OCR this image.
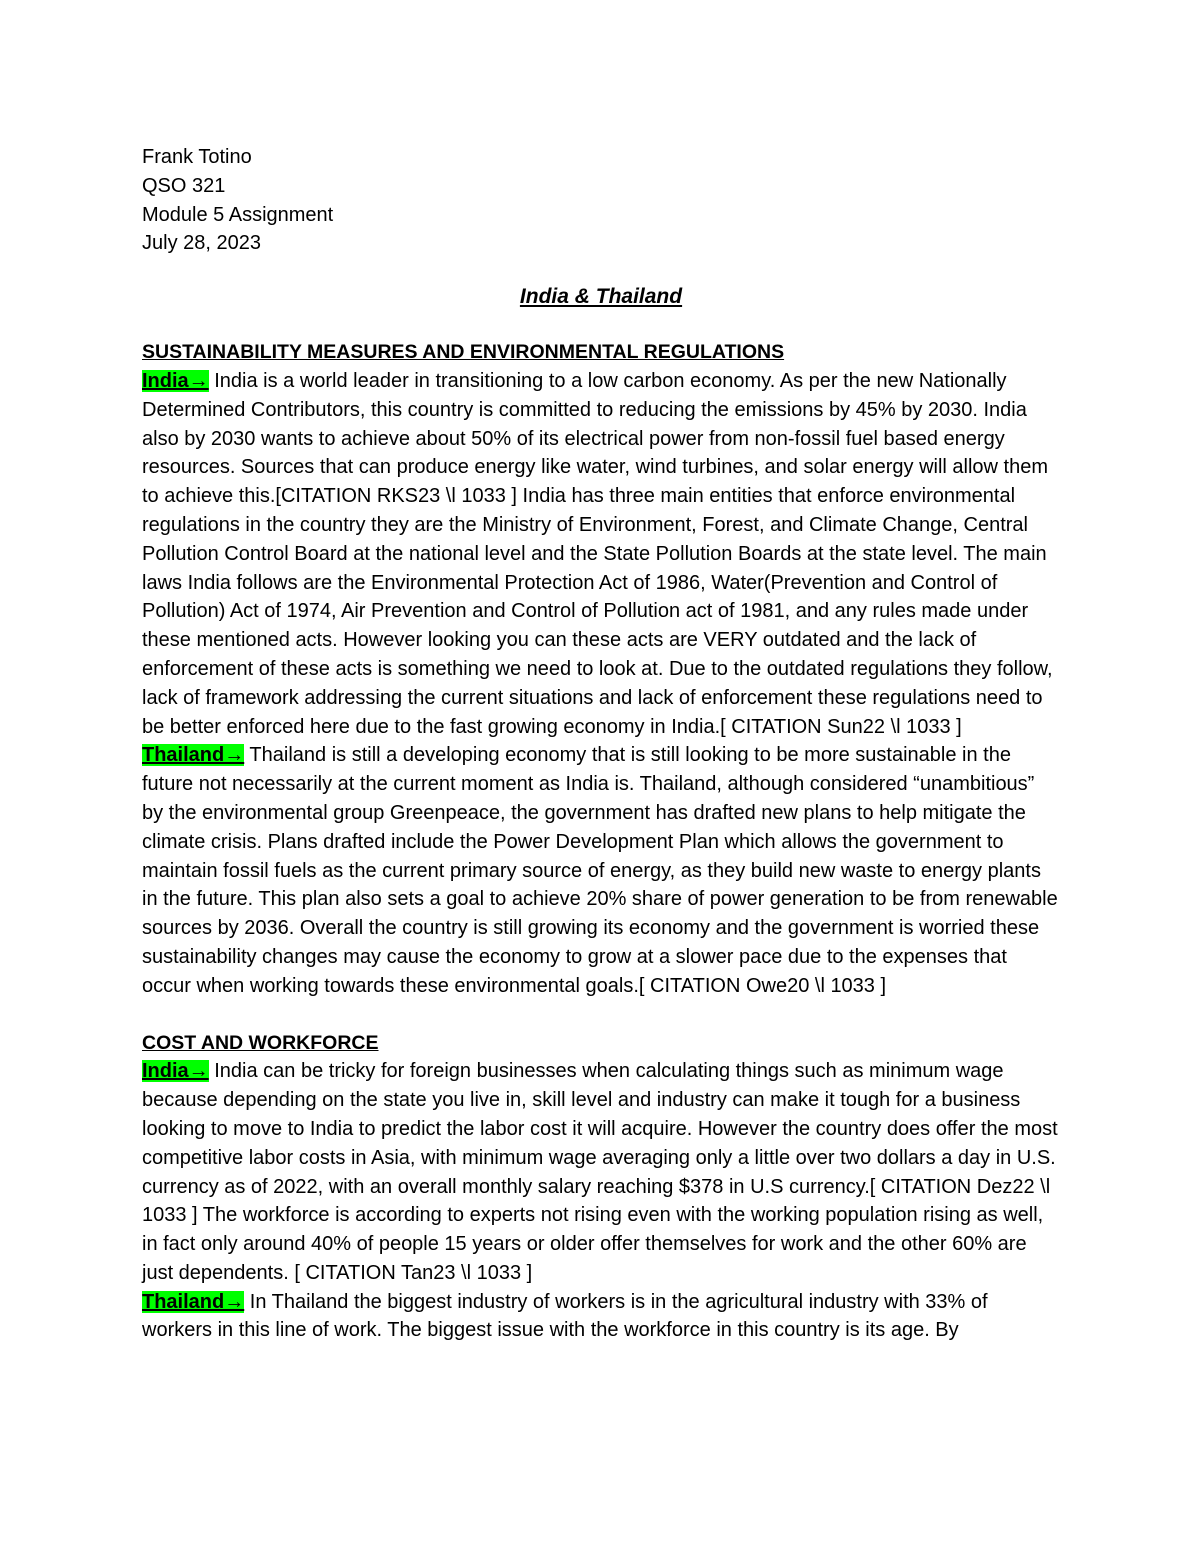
Frank Totino

QSO 321

Module 5 Assignment

July 28, 2023

India & Thailand
SUSTAINABILITY MEASURES AND ENVIRONMENTAL REGULATIONS

India→ India is a world leader in transitioning to a low carbon economy. As per the new Nationally Determined Contributors, this country is committed to reducing the emissions by 45% by 2030. India also by 2030 wants to achieve about 50% of its electrical power from non-fossil fuel based energy resources. Sources that can produce energy like water, wind turbines, and solar energy will allow them to achieve this.[CITATION RKS23 \l 1033 ] India has three main entities that enforce environmental regulations in the country they are the Ministry of Environment, Forest, and Climate Change, Central Pollution Control Board at the national level and the State Pollution Boards at the state level. The main laws India follows are the Environmental Protection Act of 1986, Water(Prevention and Control of Pollution) Act of 1974, Air Prevention and Control of Pollution act of 1981, and any rules made under these mentioned acts. However looking you can these acts are VERY outdated and the lack of enforcement of these acts is something we need to look at. Due to the outdated regulations they follow, lack of framework addressing the current situations and lack of enforcement these regulations need to be better enforced here due to the fast growing economy in India.[ CITATION Sun22 \l 1033 ]

Thailand→ Thailand is still a developing economy that is still looking to be more sustainable in the future not necessarily at the current moment as India is. Thailand, although considered “unambitious” by the environmental group Greenpeace, the government has drafted new plans to help mitigate the climate crisis. Plans drafted include the Power Development Plan which allows the government to maintain fossil fuels as the current primary source of energy, as they build new waste to energy plants in the future. This plan also sets a goal to achieve 20% share of power generation to be from renewable sources by 2036. Overall the country is still growing its economy and the government is worried these sustainability changes may cause the economy to grow at a slower pace due to the expenses that occur when working towards these environmental goals.[ CITATION Owe20 \l 1033 ]

COST AND WORKFORCE

India→ India can be tricky for foreign businesses when calculating things such as minimum wage because depending on the state you live in, skill level and industry can make it tough for a business looking to move to India to predict the labor cost it will acquire. However the country does offer the most competitive labor costs in Asia, with minimum wage averaging only a little over two dollars a day in U.S. currency as of 2022, with an overall monthly salary reaching $378 in U.S currency.[ CITATION Dez22 \l 1033 ] The workforce is according to experts not rising even with the working population rising as well, in fact only around 40% of people 15 years or older offer themselves for work and the other 60% are just dependents. [ CITATION Tan23 \l 1033 ]

Thailand→ In Thailand the biggest industry of workers is in the agricultural industry with 33% of workers in this line of work. The biggest issue with the workforce in this country is its age. By
